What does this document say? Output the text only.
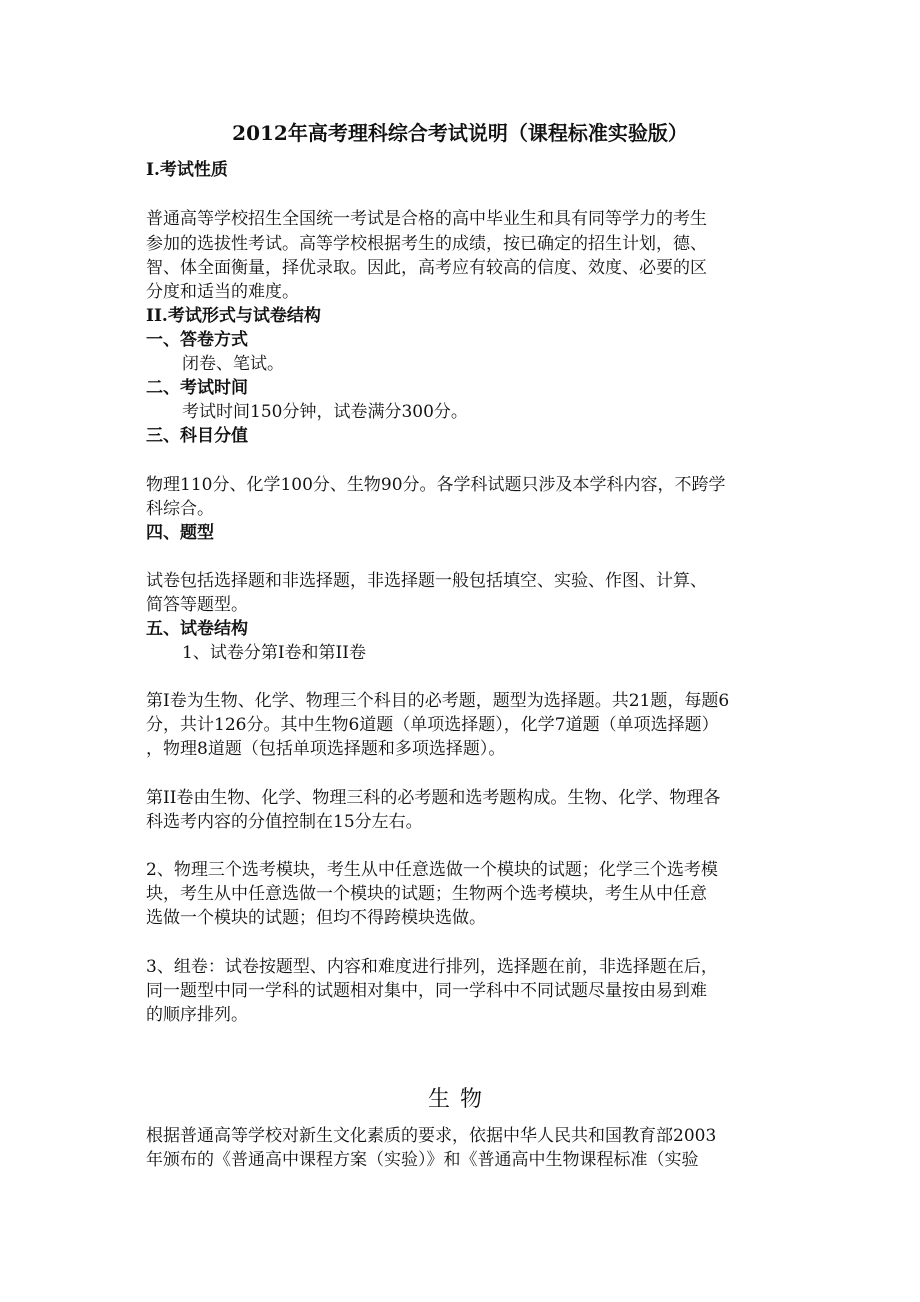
2012年高考理科综合考试说明（课程标准实验版）
I.考试性质
普通高等学校招生全国统一考试是合格的高中毕业生和具有同等学力的考生
参加的选拔性考试。高等学校根据考生的成绩，按已确定的招生计划，德、
智、体全面衡量，择优录取。因此，高考应有较高的信度、效度、必要的区
分度和适当的难度。
II.考试形式与试卷结构
一、答卷方式
闭卷、笔试。
二、考试时间
考试时间150分钟，试卷满分300分。
三、科目分值
物理110分、化学100分、生物90分。各学科试题只涉及本学科内容，不跨学
科综合。
四、题型
试卷包括选择题和非选择题，非选择题一般包括填空、实验、作图、计算、
简答等题型。
五、试卷结构
1、试卷分第I卷和第II卷
第I卷为生物、化学、物理三个科目的必考题，题型为选择题。共21题，每题6
分，共计126分。其中生物6道题（单项选择题），化学7道题（单项选择题）
，物理8道题（包括单项选择题和多项选择题）。
第II卷由生物、化学、物理三科的必考题和选考题构成。生物、化学、物理各
科选考内容的分值控制在15分左右。
2、物理三个选考模块，考生从中任意选做一个模块的试题；化学三个选考模
块，考生从中任意选做一个模块的试题；生物两个选考模块，考生从中任意
选做一个模块的试题；但均不得跨模块选做。
3、组卷：试卷按题型、内容和难度进行排列，选择题在前，非选择题在后，
同一题型中同一学科的试题相对集中，同一学科中不同试题尽量按由易到难
的顺序排列。
生物
根据普通高等学校对新生文化素质的要求，依据中华人民共和国教育部2003
年颁布的《普通高中课程方案（实验）》和《普通高中生物课程标准（实验
